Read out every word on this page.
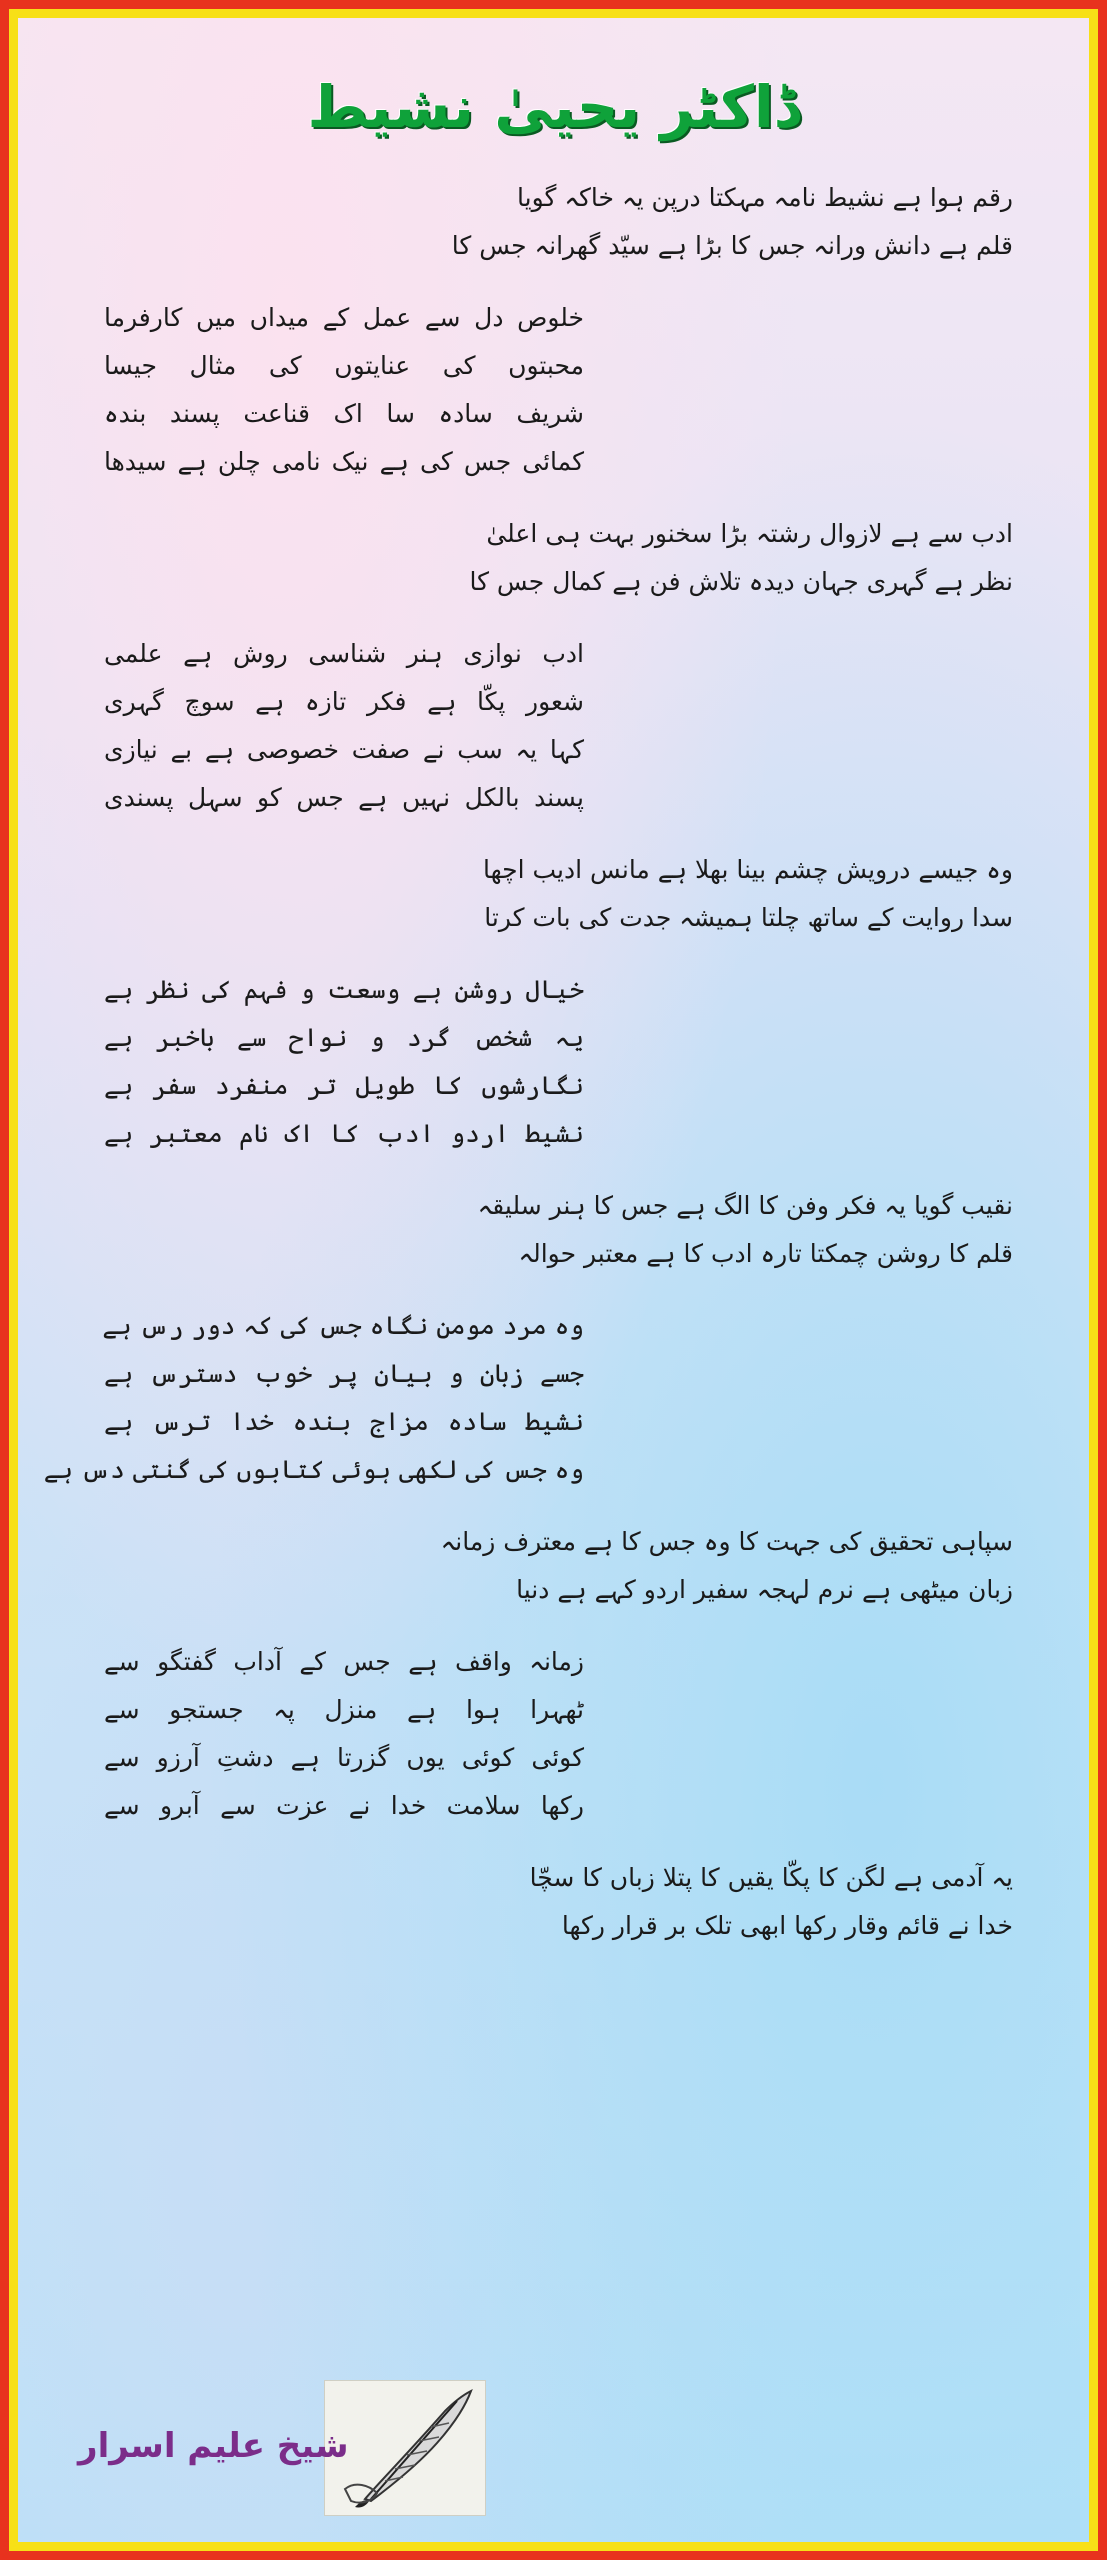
ڈاکٹر یحییٰ نشیط
رقم ہوا ہے نشیط نامہ مہکتا درپن یہ خاکہ گویا
قلم ہے دانش ورانہ جس کا بڑا ہے سیّد گھرانہ جس کا
خلوص دل سے عمل کے میداں میں کارفرما
محبتوں کی عنایتوں کی مثال جیسا
شریف سادہ سا اک قناعت پسند بندہ
کمائی جس کی ہے نیک نامی چلن ہے سیدھا
ادب سے ہے لازوال رشتہ بڑا سخنور بہت ہی اعلیٰ
نظر ہے گہری جہان دیدہ تلاش فن ہے کمال جس کا
ادب نوازی ہنر شناسی روش ہے علمی
شعور پکّا ہے فکر تازہ ہے سوچ گہری
کہا یہ سب نے صفت خصوصی ہے بے نیازی
پسند بالکل نہیں ہے جس کو سہل پسندی
وہ جیسے درویش چشم بینا بھلا ہے مانس ادیب اچھا
سدا روایت کے ساتھ چلتا ہمیشہ جدت کی بات کرتا
خیال روشن ہے وسعت و فہم کی نظر ہے
یہ شخص گرد و نواح سے باخبر ہے
نگارشوں کا طویل تر منفرد سفر ہے
نشیط اردو ادب کا اک نام معتبر ہے
نقیب گویا یہ فکر وفن کا الگ ہے جس کا ہنر سلیقہ
قلم کا روشن چمکتا تارہ ادب کا ہے معتبر حوالہ
وہ مرد مومن نگاہ جس کی کہ دور رس ہے
جسے زبان و بیان پر خوب دسترس ہے
نشیط سادہ مزاج بندہ خدا ترس ہے
وہ جس کی لکھی ہوئی کتابوں کی گنتی دس ہے
سپاہی تحقیق کی جہت کا وہ جس کا ہے معترف زمانہ
زبان میٹھی ہے نرم لہجہ سفیر اردو کہے ہے دنیا
زمانہ واقف ہے جس کے آداب گفتگو سے
ٹھہرا ہوا ہے منزل پہ جستجو سے
کوئی کوئی یوں گزرتا ہے دشتِ آرزو سے
رکھا سلامت خدا نے عزت سے آبرو سے
یہ آدمی ہے لگن کا پکّا یقیں کا پتلا زباں کا سچّا
خدا نے قائم وقار رکھا ابھی تلک بر قرار رکھا
شیخ علیم اسرار
